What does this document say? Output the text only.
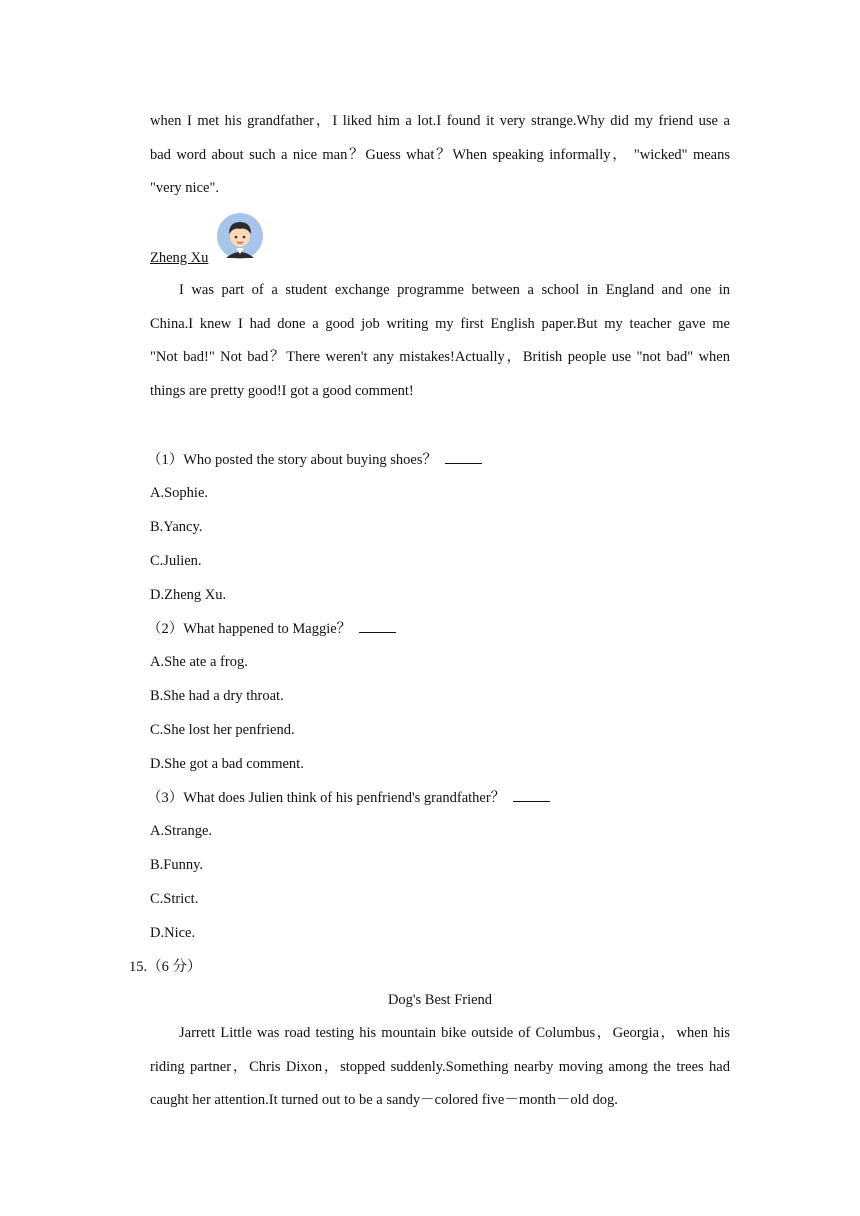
when I met his grandfather，I liked him a lot.I found it very strange.Why did my friend use a
bad word about such a nice man？Guess what？When speaking informally， "wicked" means
"very nice".

Zheng Xu

I was part of a student exchange programme between a school in England and one in
China.I knew I had done a good job writing my first English paper.But my teacher gave me
"Not bad!" Not bad？There weren't any mistakes!Actually，British people use "not bad" when
things are pretty good!I got a good comment!

（1）Who posted the story about buying shoes？
A.Sophie.
B.Yancy.
C.Julien.
D.Zheng Xu.
（2）What happened to Maggie？
A.She ate a frog.
B.She had a dry throat.
C.She lost her penfriend.
D.She got a bad comment.
（3）What does Julien think of his penfriend's grandfather？
A.Strange.
B.Funny.
C.Strict.
D.Nice.
15.（6 分）
Dog's Best Friend

Jarrett Little was road testing his mountain bike outside of Columbus，Georgia，when his
riding partner，Chris Dixon，stopped suddenly.Something nearby moving among the trees had
caught her attention.It turned out to be a sandy－colored five－month－old dog.
